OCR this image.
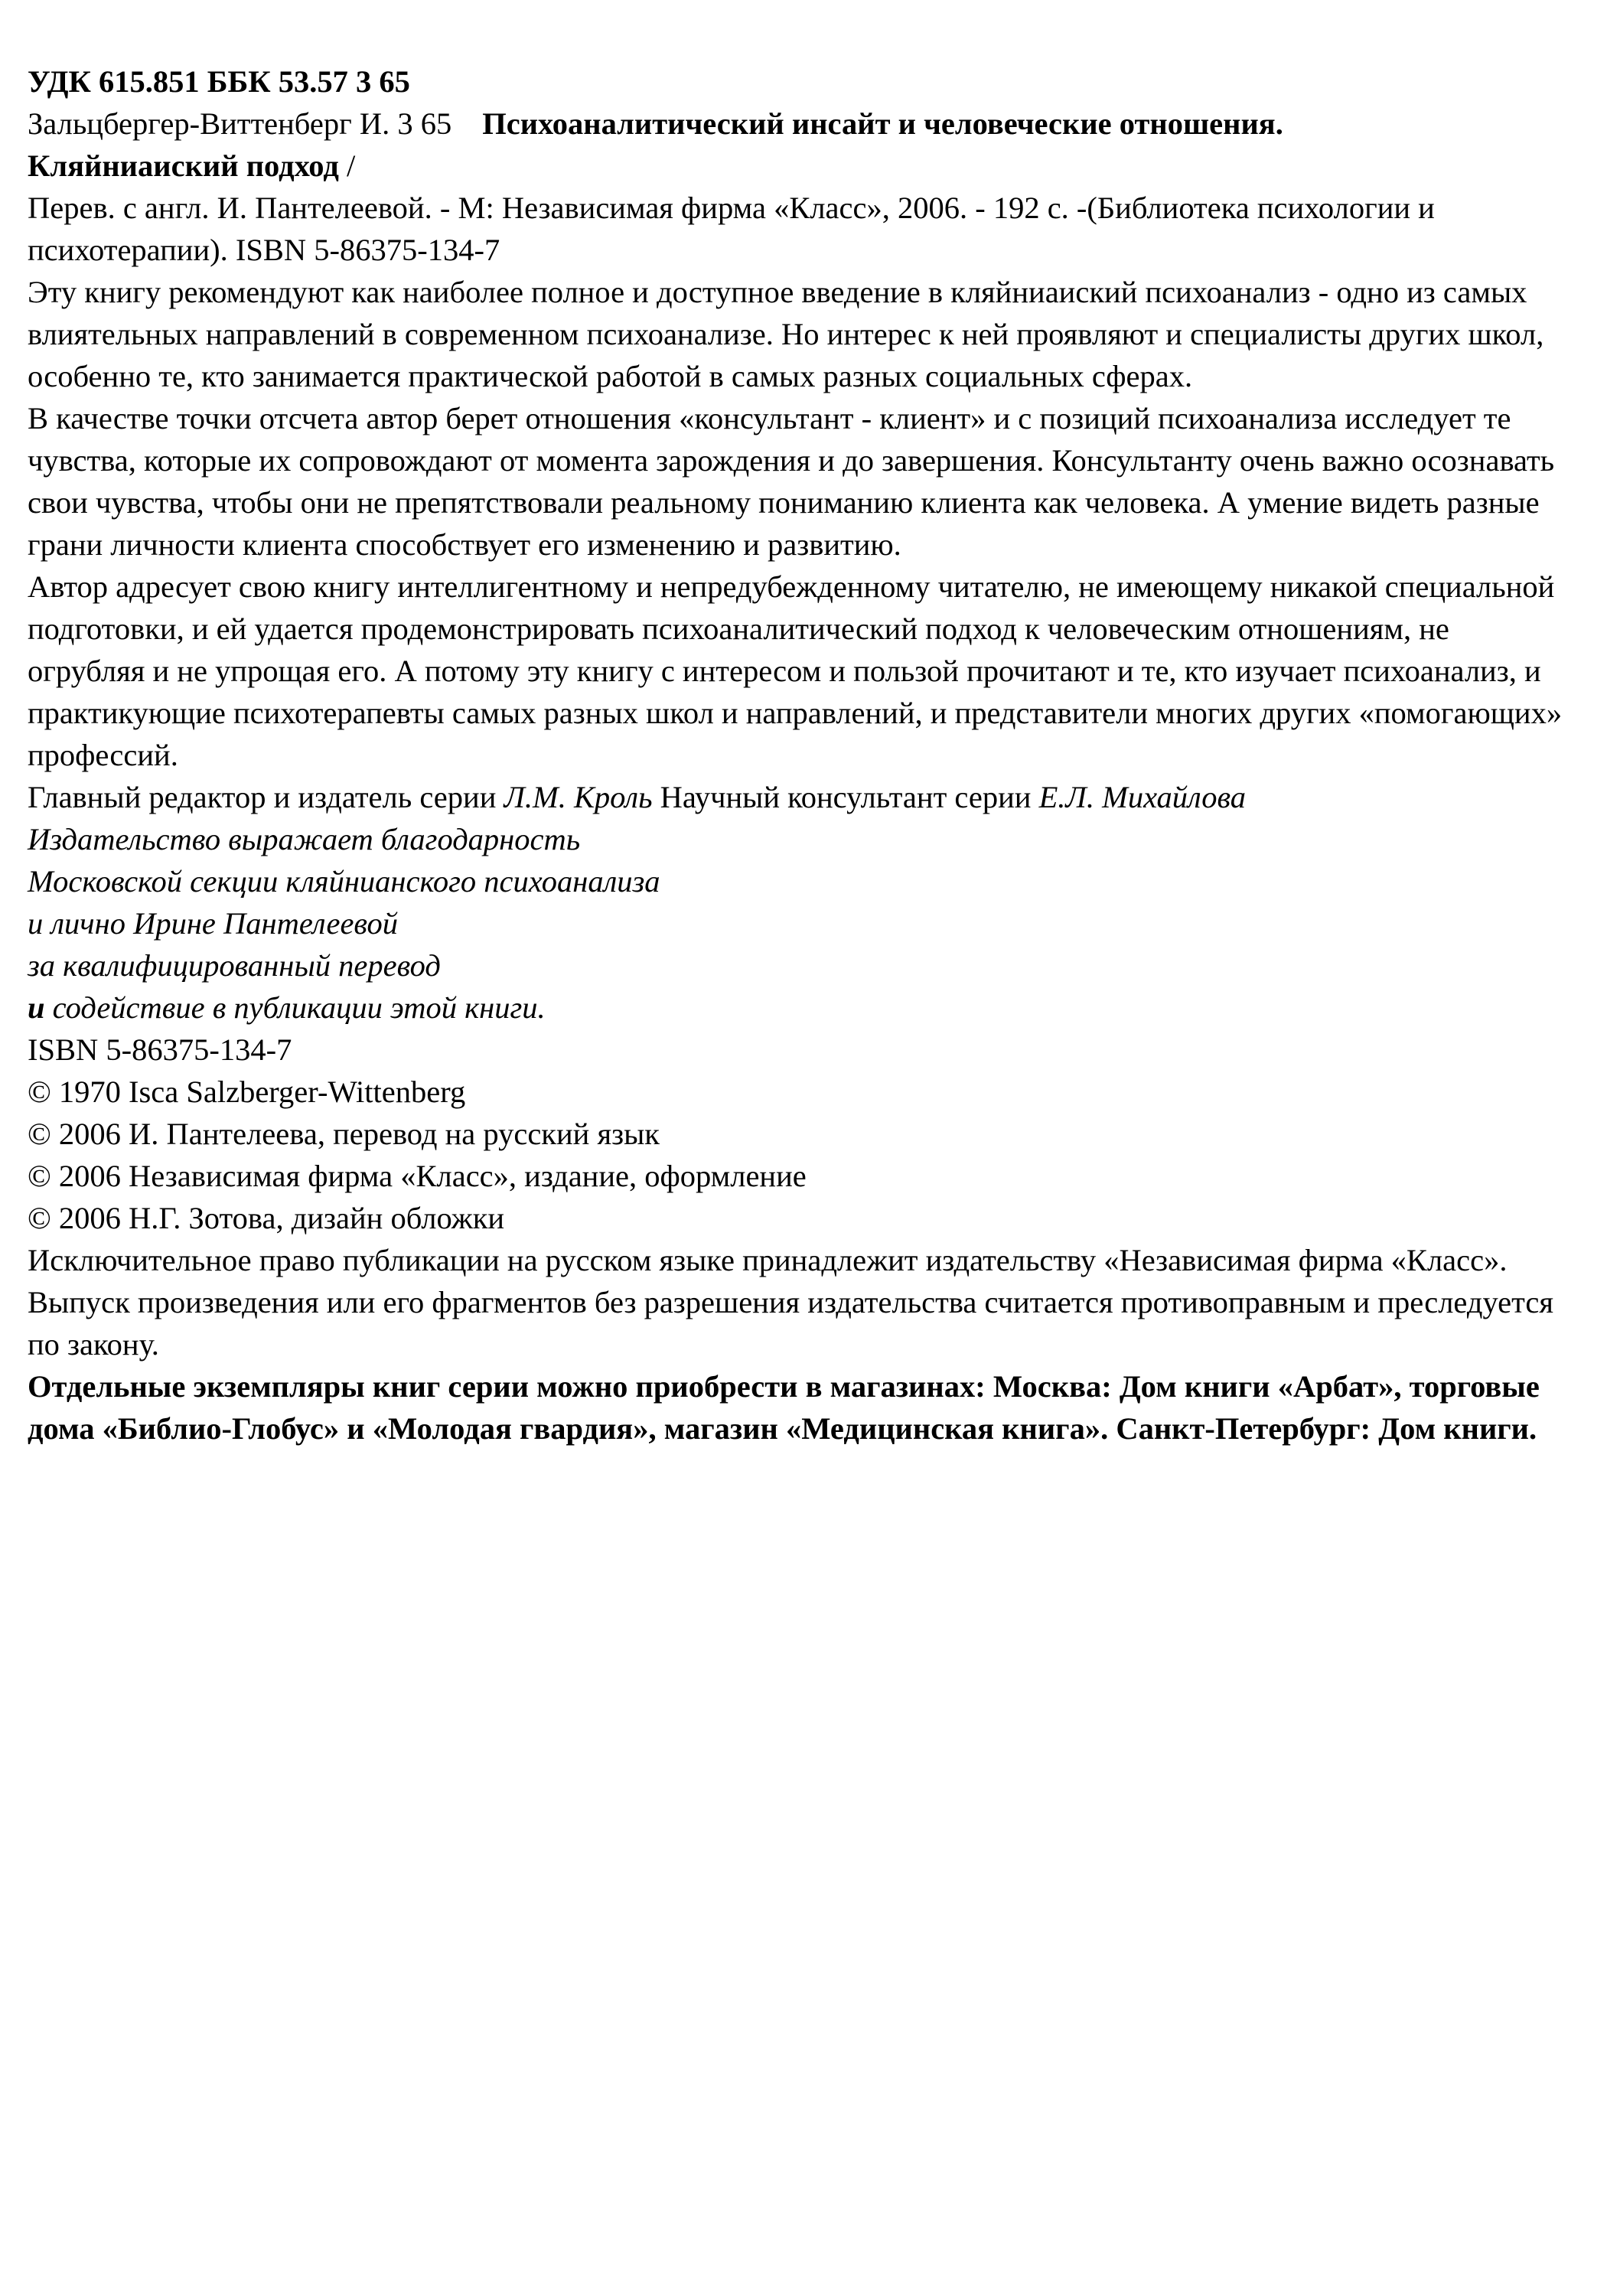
УДК 615.851 ББК 53.57 3 65
Зальцбергер-Виттенберг И. 3 65 Психоаналитический инсайт и человеческие отношения.
Кляйниаиский подход /
Перев. с англ. И. Пантелеевой. - М: Независимая фирма «Класс», 2006. - 192 с. -(Библиотека психологии и психотерапии). ISBN 5-86375-134-7
Эту книгу рекомендуют как наиболее полное и доступное введение в кляйниаиский психоанализ - одно из самых влиятельных направлений в современном психоанализе. Но интерес к ней проявляют и специалисты других школ, особенно те, кто занимается практической работой в самых разных социальных сферах.
В качестве точки отсчета автор берет отношения «консультант - клиент» и с позиций психоанализа исследует те чувства, которые их сопровождают от момента зарождения и до завершения. Консультанту очень важно осознавать свои чувства, чтобы они не препятствовали реальному пониманию клиента как человека. А умение видеть разные грани личности клиента способствует его изменению и развитию.
Автор адресует свою книгу интеллигентному и непредубежденному читателю, не имеющему никакой специальной подготовки, и ей удается продемонстрировать психоаналитический подход к человеческим отношениям, не огрубляя и не упрощая его. А потому эту книгу с интересом и пользой прочитают и те, кто изучает психоанализ, и практикующие психотерапевты самых разных школ и направлений, и представители многих других «помогающих» профессий.
Главный редактор и издатель серии Л.М. Кроль Научный консультант серии Е.Л. Михайлова
Издательство выражает благодарность
Московской секции кляйнианского психоанализа
и лично Ирине Пантелеевой
за квалифицированный перевод
и содействие в публикации этой книги.
ISBN 5-86375-134-7
© 1970 Isca Salzberger-Wittenberg
© 2006 И. Пантелеева, перевод на русский язык
© 2006 Независимая фирма «Класс», издание, оформление
© 2006 Н.Г. Зотова, дизайн обложки
Исключительное право публикации на русском языке принадлежит издательству «Независимая фирма «Класс». Выпуск произведения или его фрагментов без разрешения издательства считается противоправным и преследуется по закону.
Отдельные экземпляры книг серии можно приобрести в магазинах: Москва: Дом книги «Арбат», торговые дома «Библио-Глобус» и «Молодая гвардия», магазин «Медицинская книга». Санкт-Петербург: Дом книги.
